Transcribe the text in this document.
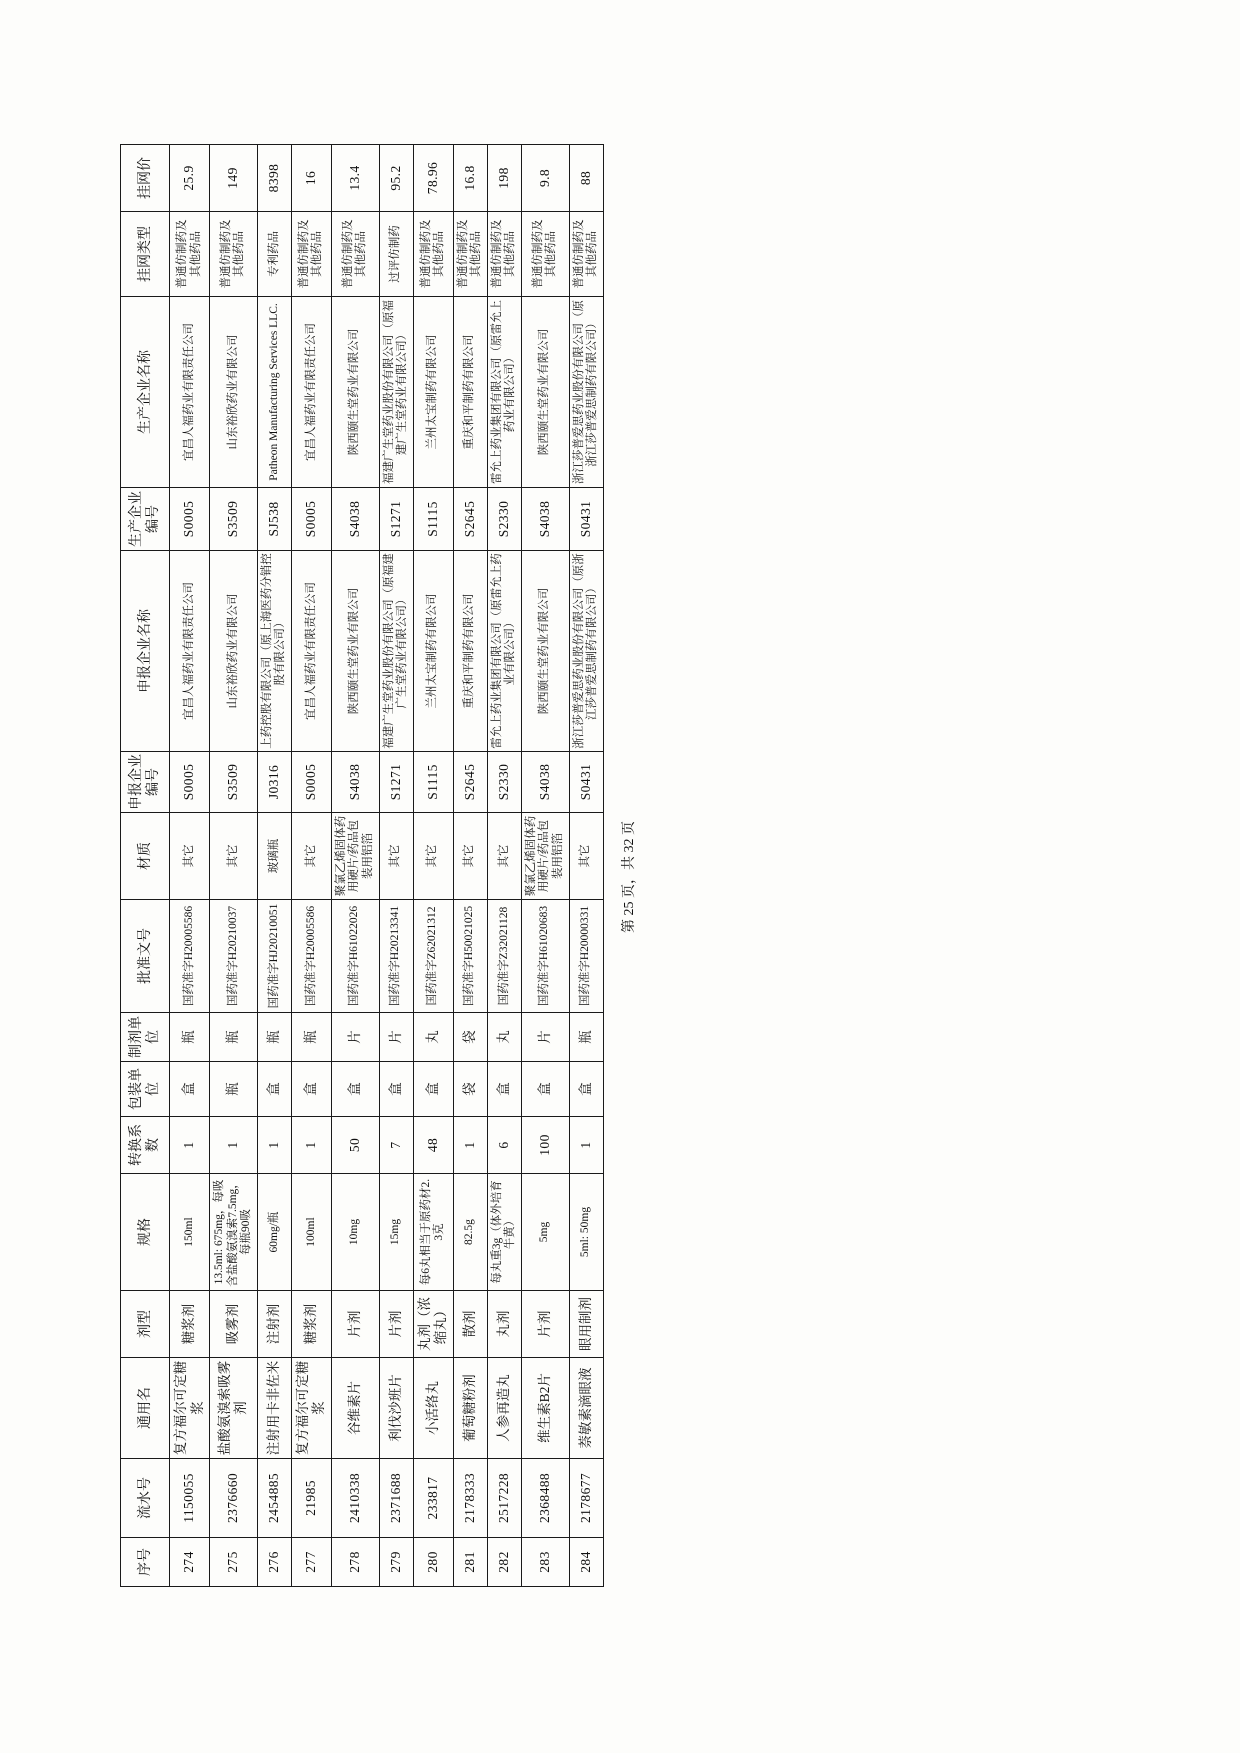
序号	流水号	通用名	剂型	规格	转换系数	包装单位	制剂单位	批准文号	材质	申报企业编号	申报企业名称	生产企业编号	生产企业名称	挂网类型	挂网价
274	1150055	复方福尔可定糖浆	糖浆剂	150ml	1	盒	瓶	国药准字H20005586	其它	S0005	宜昌人福药业有限责任公司	S0005	宜昌人福药业有限责任公司	普通仿制药及其他药品	25.9
275	2376660	盐酸氨溴索吸雾剂	吸雾剂	13.5ml: 675mg，每吸含盐酸氨溴索7.5mg，每瓶90吸	1	瓶	瓶	国药准字H20210037	其它	S3509	山东裕欣药业有限公司	S3509	山东裕欣药业有限公司	普通仿制药及其他药品	149
276	2454885	注射用卡非佐米	注射剂	60mg/瓶	1	盒	瓶	国药准字HJ20210051	玻璃瓶	J0316	上药控股有限公司（原上海医药分销控股有限公司）	SJ538	Patheon Manufacturing Services LLC.	专利药品	8398
277	21985	复方福尔可定糖浆	糖浆剂	100ml	1	盒	瓶	国药准字H20005586	其它	S0005	宜昌人福药业有限责任公司	S0005	宜昌人福药业有限责任公司	普通仿制药及其他药品	16
278	2410338	谷维素片	片剂	10mg	50	盒	片	国药准字H61022026	聚氯乙烯固体药用硬片/药品包装用铝箔	S4038	陕西颐生堂药业有限公司	S4038	陕西颐生堂药业有限公司	普通仿制药及其他药品	13.4
279	2371688	利伐沙班片	片剂	15mg	7	盒	片	国药准字H20213341	其它	S1271	福建广生堂药业股份有限公司（原福建广生堂药业有限公司）	S1271	福建广生堂药业股份有限公司（原福建广生堂药业有限公司）	过评仿制药	95.2
280	233817	小活络丸	丸剂（浓缩丸）	每6丸相当于原药材2.3克	48	盒	丸	国药准字Z62021312	其它	S1115	兰州太宝制药有限公司	S1115	兰州太宝制药有限公司	普通仿制药及其他药品	78.96
281	2178333	葡萄糖粉剂	散剂	82.5g	1	袋	袋	国药准字H50021025	其它	S2645	重庆和平制药有限公司	S2645	重庆和平制药有限公司	普通仿制药及其他药品	16.8
282	2517228	人参再造丸	丸剂	每丸重3g（体外培育牛黄）	6	盒	丸	国药准字Z32021128	其它	S2330	雷允上药业集团有限公司（原雷允上药业有限公司）	S2330	雷允上药业集团有限公司（原雷允上药业有限公司）	普通仿制药及其他药品	198
283	2368488	维生素B2片	片剂	5mg	100	盒	片	国药准字H61020683	聚氯乙烯固体药用硬片/药品包装用铝箔	S4038	陕西颐生堂药业有限公司	S4038	陕西颐生堂药业有限公司	普通仿制药及其他药品	9.8
284	2178677	萘敏素滴眼液	眼用制剂	5ml: 50mg	1	盒	瓶	国药准字H20000331	其它	S0431	浙江莎普爱思药业股份有限公司（原浙江莎普爱思制药有限公司）	S0431	浙江莎普爱思药业股份有限公司（原浙江莎普爱思制药有限公司）	普通仿制药及其他药品	88
第 25 页，共 32 页
